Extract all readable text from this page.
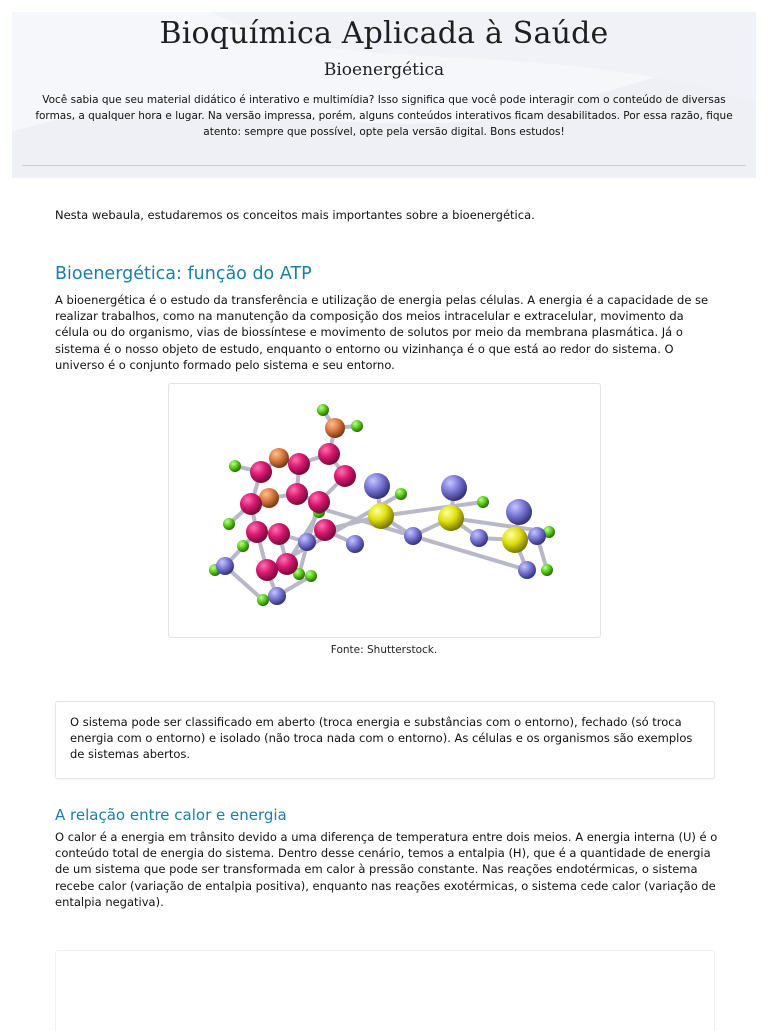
Bioquímica Aplicada à Saúde
Bioenergética
Você sabia que seu material didático é interativo e multimídia? Isso significa que você pode interagir com o conteúdo de diversas formas, a qualquer hora e lugar. Na versão impressa, porém, alguns conteúdos interativos ficam desabilitados. Por essa razão, fique atento: sempre que possível, opte pela versão digital. Bons estudos!
Nesta webaula, estudaremos os conceitos mais importantes sobre a bioenergética.
Bioenergética: função do ATP
A bioenergética é o estudo da transferência e utilização de energia pelas células. A energia é a capacidade de se realizar trabalhos, como na manutenção da composição dos meios intracelular e extracelular, movimento da célula ou do organismo, vias de biossíntese e movimento de solutos por meio da membrana plasmática. Já o sistema é o nosso objeto de estudo, enquanto o entorno ou vizinhança é o que está ao redor do sistema. O universo é o conjunto formado pelo sistema e seu entorno.
Fonte: Shutterstock.
O sistema pode ser classificado em aberto (troca energia e substâncias com o entorno), fechado (só troca energia com o entorno) e isolado (não troca nada com o entorno). As células e os organismos são exemplos de sistemas abertos.
A relação entre calor e energia
O calor é a energia em trânsito devido a uma diferença de temperatura entre dois meios. A energia interna (U) é o conteúdo total de energia do sistema. Dentro desse cenário, temos a entalpia (H), que é a quantidade de energia de um sistema que pode ser transformada em calor à pressão constante. Nas reações endotérmicas, o sistema recebe calor (variação de entalpia positiva), enquanto nas reações exotérmicas, o sistema cede calor (variação de entalpia negativa).
